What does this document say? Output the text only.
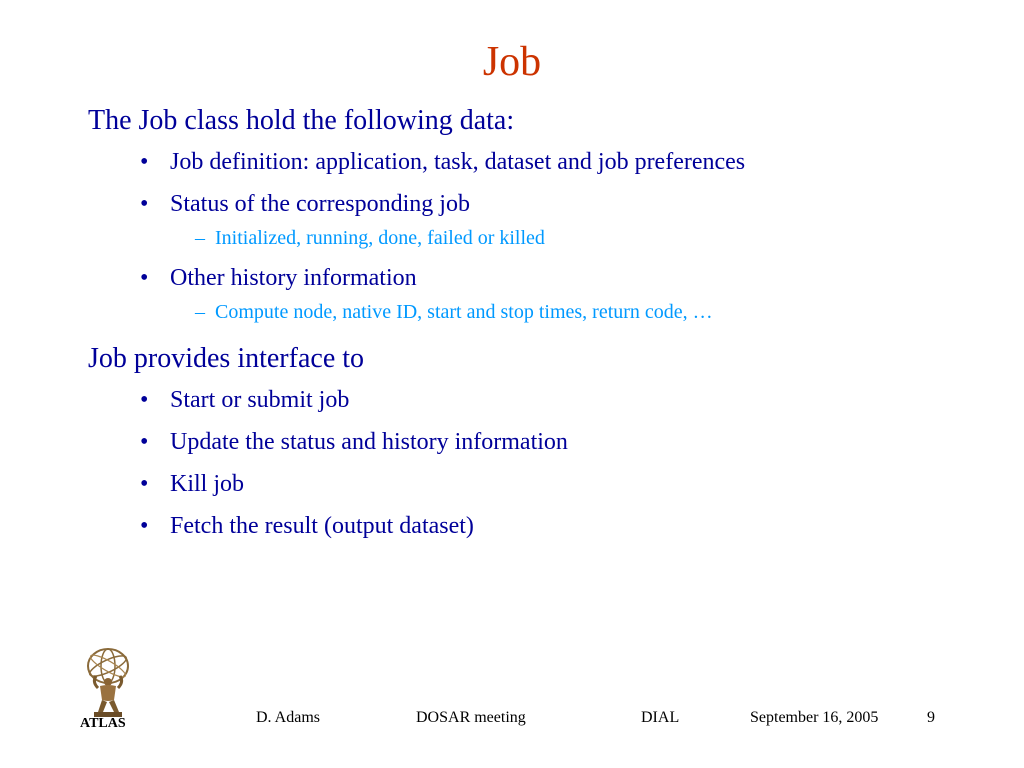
Job

The Job class hold the following data:

• Job definition: application, task, dataset and job preferences

• Status of the corresponding job

– Initialized, running, done, failed or killed

• Other history information

– Compute node, native ID, start and stop times, return code, …

Job provides interface to

• Start or submit job

• Update the status and history information

• Kill job

• Fetch the result (output dataset)

ATLAS	D. Adams	DOSAR meeting	DIAL	September 16, 2005	9
